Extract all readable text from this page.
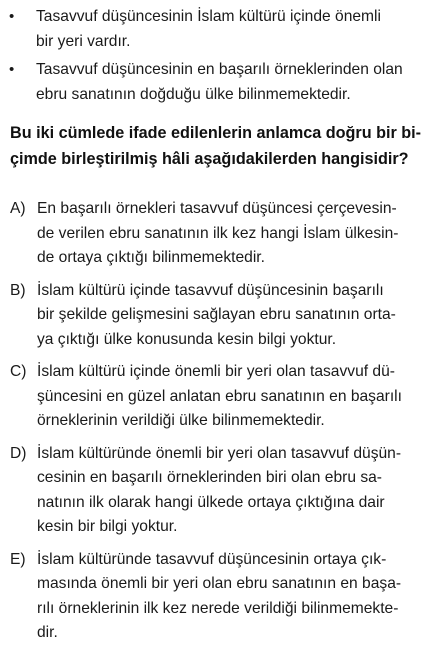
• Tasavvuf düşüncesinin İslam kültürü içinde önemli
bir yeri vardır.
• Tasavvuf düşüncesinin en başarılı örneklerinden olan
ebru sanatının doğduğu ülke bilinmemektedir.
Bu iki cümlede ifade edilenlerin anlamca doğru bir bi-
çimde birleştirilmiş hâli aşağıdakilerden hangisidir?
A) En başarılı örnekleri tasavvuf düşüncesi çerçevesin-
de verilen ebru sanatının ilk kez hangi İslam ülkesin-
de ortaya çıktığı bilinmemektedir.
B) İslam kültürü içinde tasavvuf düşüncesinin başarılı
bir şekilde gelişmesini sağlayan ebru sanatının orta-
ya çıktığı ülke konusunda kesin bilgi yoktur.
C) İslam kültürü içinde önemli bir yeri olan tasavvuf dü-
şüncesini en güzel anlatan ebru sanatının en başarılı
örneklerinin verildiği ülke bilinmemektedir.
D) İslam kültüründe önemli bir yeri olan tasavvuf düşün-
cesinin en başarılı örneklerinden biri olan ebru sa-
natının ilk olarak hangi ülkede ortaya çıktığına dair
kesin bir bilgi yoktur.
E) İslam kültüründe tasavvuf düşüncesinin ortaya çık-
masında önemli bir yeri olan ebru sanatının en başa-
rılı örneklerinin ilk kez nerede verildiği bilinmemekte-
dir.
